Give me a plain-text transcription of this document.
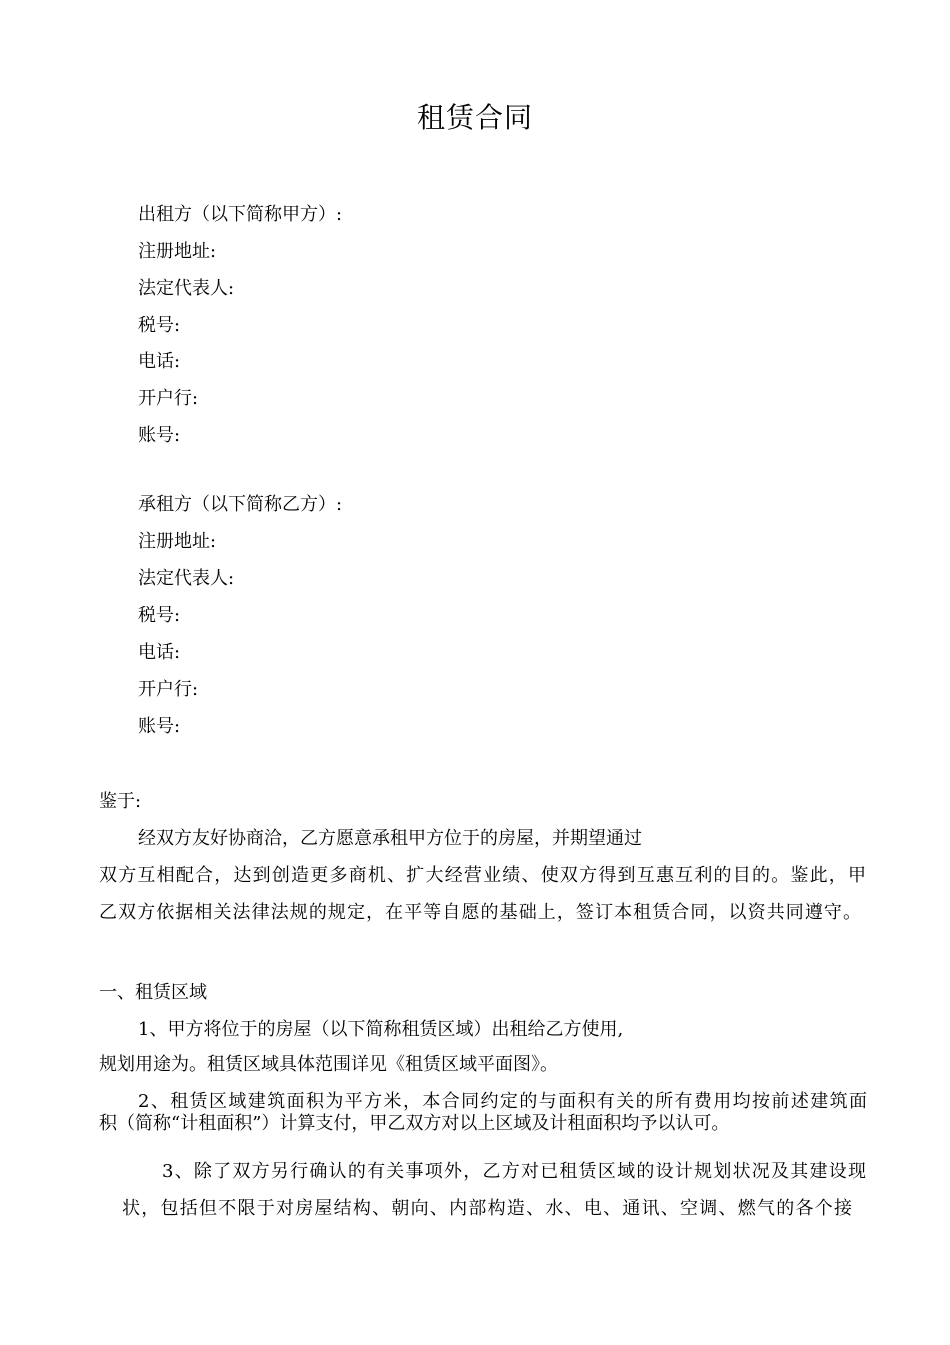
租赁合同
出租方（以下简称甲方）:
注册地址:
法定代表人:
税号:
电话:
开户行:
账号:
承租方（以下简称乙方）:
注册地址:
法定代表人:
税号:
电话:
开户行:
账号:
鉴于:
经双方友好协商洽，乙方愿意承租甲方位于的房屋，并期望通过
双方互相配合，达到创造更多商机、扩大经营业绩、使双方得到互惠互利的目的。鉴此，甲
乙双方依据相关法律法规的规定，在平等自愿的基础上，签订本租赁合同，以资共同遵守。
一、租赁区域
1、甲方将位于的房屋（以下简称租赁区域）出租给乙方使用,
规划用途为。租赁区域具体范围详见《租赁区域平面图》。
2、租赁区域建筑面积为平方米，本合同约定的与面积有关的所有费用均按前述建筑面
积（简称“计租面积”）计算支付，甲乙双方对以上区域及计租面积均予以认可。
3、除了双方另行确认的有关事项外，乙方对已租赁区域的设计规划状况及其建设现
状，包括但不限于对房屋结构、朝向、内部构造、水、电、通讯、空调、燃气的各个接
